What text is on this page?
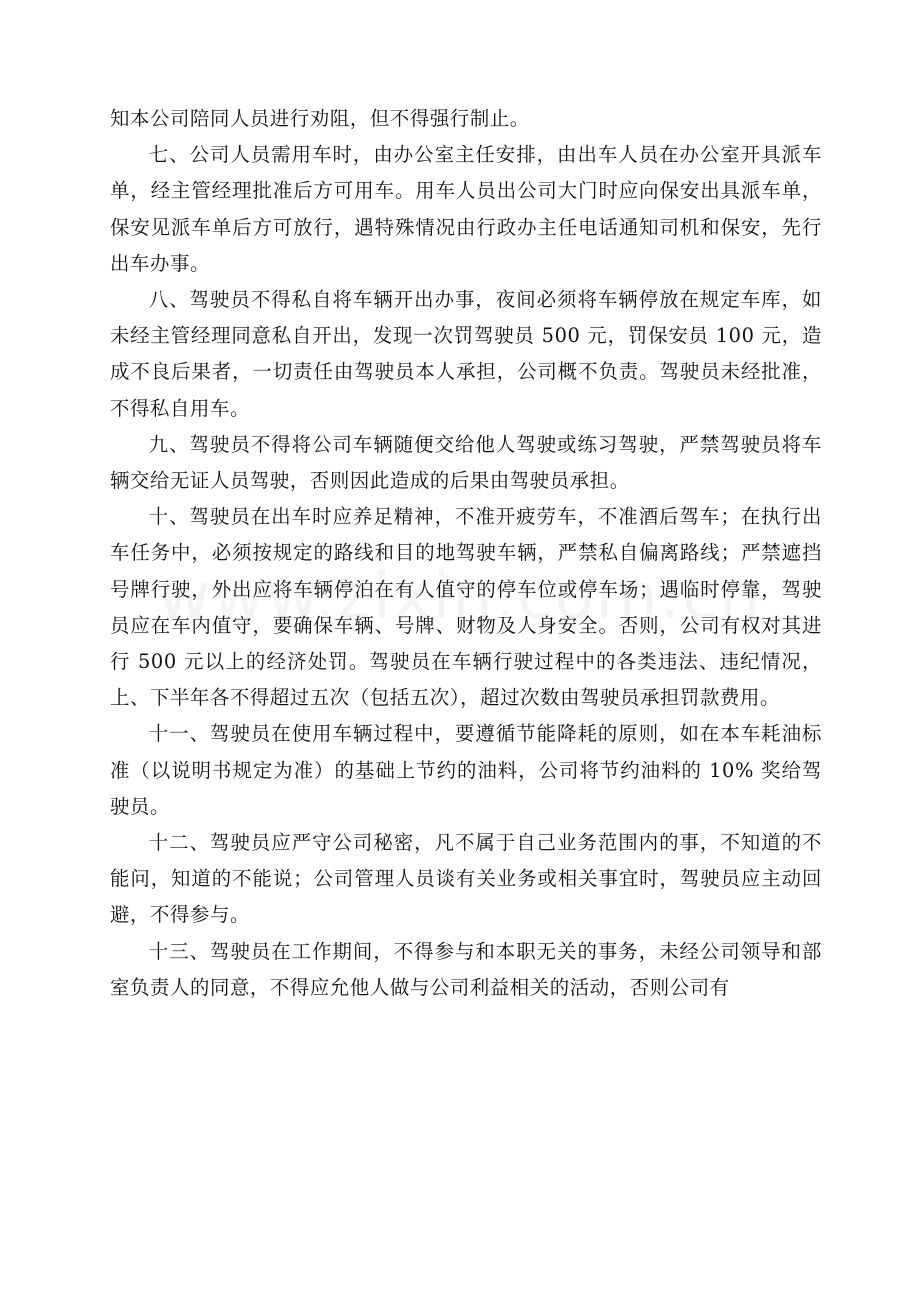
知本公司陪同人员进行劝阻，但不得强行制止。

七、公司人员需用车时，由办公室主任安排，由出车人员在办公室开具派车单，经主管经理批准后方可用车。用车人员出公司大门时应向保安出具派车单，保安见派车单后方可放行，遇特殊情况由行政办主任电话通知司机和保安，先行出车办事。

八、驾驶员不得私自将车辆开出办事，夜间必须将车辆停放在规定车库，如未经主管经理同意私自开出，发现一次罚驾驶员 500 元，罚保安员 100 元，造成不良后果者，一切责任由驾驶员本人承担，公司概不负责。驾驶员未经批准，不得私自用车。

九、驾驶员不得将公司车辆随便交给他人驾驶或练习驾驶，严禁驾驶员将车辆交给无证人员驾驶，否则因此造成的后果由驾驶员承担。

十、驾驶员在出车时应养足精神，不准开疲劳车，不准酒后驾车；在执行出车任务中，必须按规定的路线和目的地驾驶车辆，严禁私自偏离路线；严禁遮挡号牌行驶，外出应将车辆停泊在有人值守的停车位或停车场；遇临时停靠，驾驶员应在车内值守，要确保车辆、号牌、财物及人身安全。否则，公司有权对其进行 500 元以上的经济处罚。驾驶员在车辆行驶过程中的各类违法、违纪情况，上、下半年各不得超过五次（包括五次），超过次数由驾驶员承担罚款费用。

十一、驾驶员在使用车辆过程中，要遵循节能降耗的原则，如在本车耗油标准（以说明书规定为准）的基础上节约的油料，公司将节约油料的 10% 奖给驾驶员。

十二、驾驶员应严守公司秘密，凡不属于自己业务范围内的事，不知道的不能问，知道的不能说；公司管理人员谈有关业务或相关事宜时，驾驶员应主动回避，不得参与。

十三、驾驶员在工作期间，不得参与和本职无关的事务，未经公司领导和部室负责人的同意，不得应允他人做与公司利益相关的活动，否则公司有
